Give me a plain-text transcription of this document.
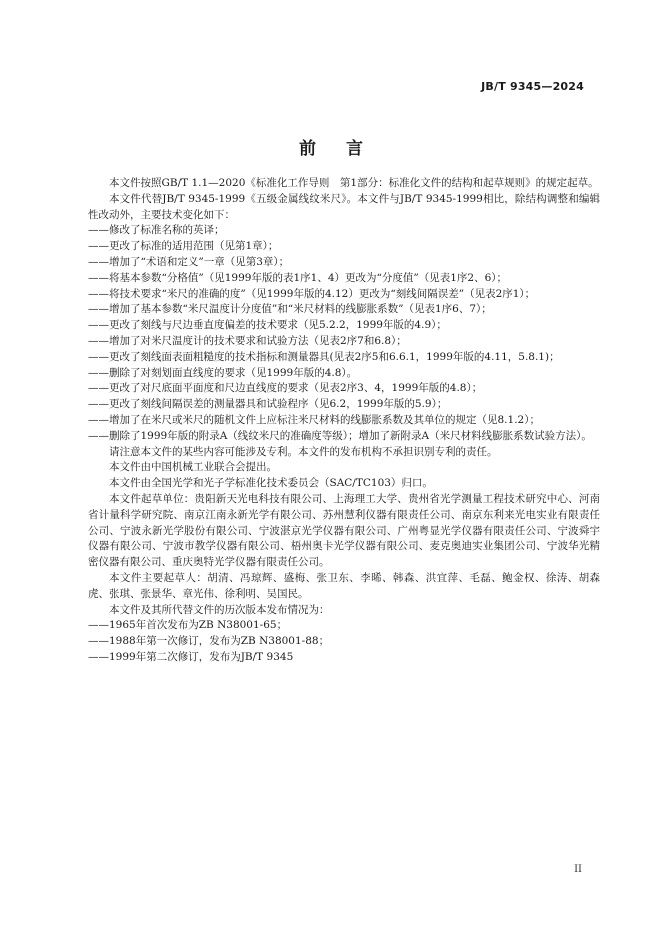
JB/T 9345—2024
前言

本文件按照GB/T 1.1—2020《标准化工作导则　第1部分：标准化文件的结构和起草规则》的规定起草。

本文件代替JB/T 9345-1999《五级金属线纹米尺》。本文件与JB/T 9345-1999相比，除结构调整和编辑性改动外，主要技术变化如下：

——修改了标准名称的英译；

——更改了标准的适用范围（见第1章）；

——增加了“术语和定义”一章（见第3章）；

——将基本参数“分格值”（见1999年版的表1序1、4）更改为“分度值”（见表1序2、6）；

——将技术要求“米尺的准确的度”（见1999年版的4.12）更改为“刻线间隔误差”（见表2序1）；

——增加了基本参数“米尺温度计分度值”和“米尺材料的线膨胀系数”（见表1序6、7）；

——更改了刻线与尺边垂直度偏差的技术要求（见5.2.2，1999年版的4.9）；

——增加了对米尺温度计的技术要求和试验方法（见表2序7和6.8）；

——更改了刻线面表面粗糙度的技术指标和测量器具(见表2序5和6.6.1，1999年版的4.11，5.8.1)；

——删除了对刻划面直线度的要求（见1999年版的4.8）。

——更改了对尺底面平面度和尺边直线度的要求（见表2序3、4，1999年版的4.8）；

——更改了刻线间隔误差的测量器具和试验程序（见6.2，1999年版的5.9）；

——增加了在米尺或米尺的随机文件上应标注米尺材料的线膨胀系数及其单位的规定（见8.1.2）；

——删除了1999年版的附录A（线纹米尺的准确度等级）；增加了新附录A（米尺材料线膨胀系数试验方法）。

请注意本文件的某些内容可能涉及专利。本文件的发布机构不承担识别专利的责任。

本文件由中国机械工业联合会提出。

本文件由全国光学和光子学标准化技术委员会（SAC/TC103）归口。

本文件起草单位：贵阳新天光电科技有限公司、上海理工大学、贵州省光学测量工程技术研究中心、河南省计量科学研究院、南京江南永新光学有限公司、苏州慧利仪器有限责任公司、南京东利来光电实业有限责任公司、宁波永新光学股份有限公司、宁波湛京光学仪器有限公司、广州粤显光学仪器有限责任公司、宁波舜宇仪器有限公司、宁波市教学仪器有限公司、梧州奥卡光学仪器有限公司、麦克奥迪实业集团公司、宁波华光精密仪器有限公司、重庆奥特光学仪器有限责任公司。

本文件主要起草人：胡清、冯琼辉、盛梅、张卫东、李晞、韩森、洪宜萍、毛磊、鲍金权、徐涛、胡森虎、张琪、张景华、章光伟、徐利明、吴国民。

本文件及其所代替文件的历次版本发布情况为：

——1965年首次发布为ZB N38001-65；

——1988年第一次修订，发布为ZB N38001-88；

——1999年第二次修订，发布为JB/T 9345

II
